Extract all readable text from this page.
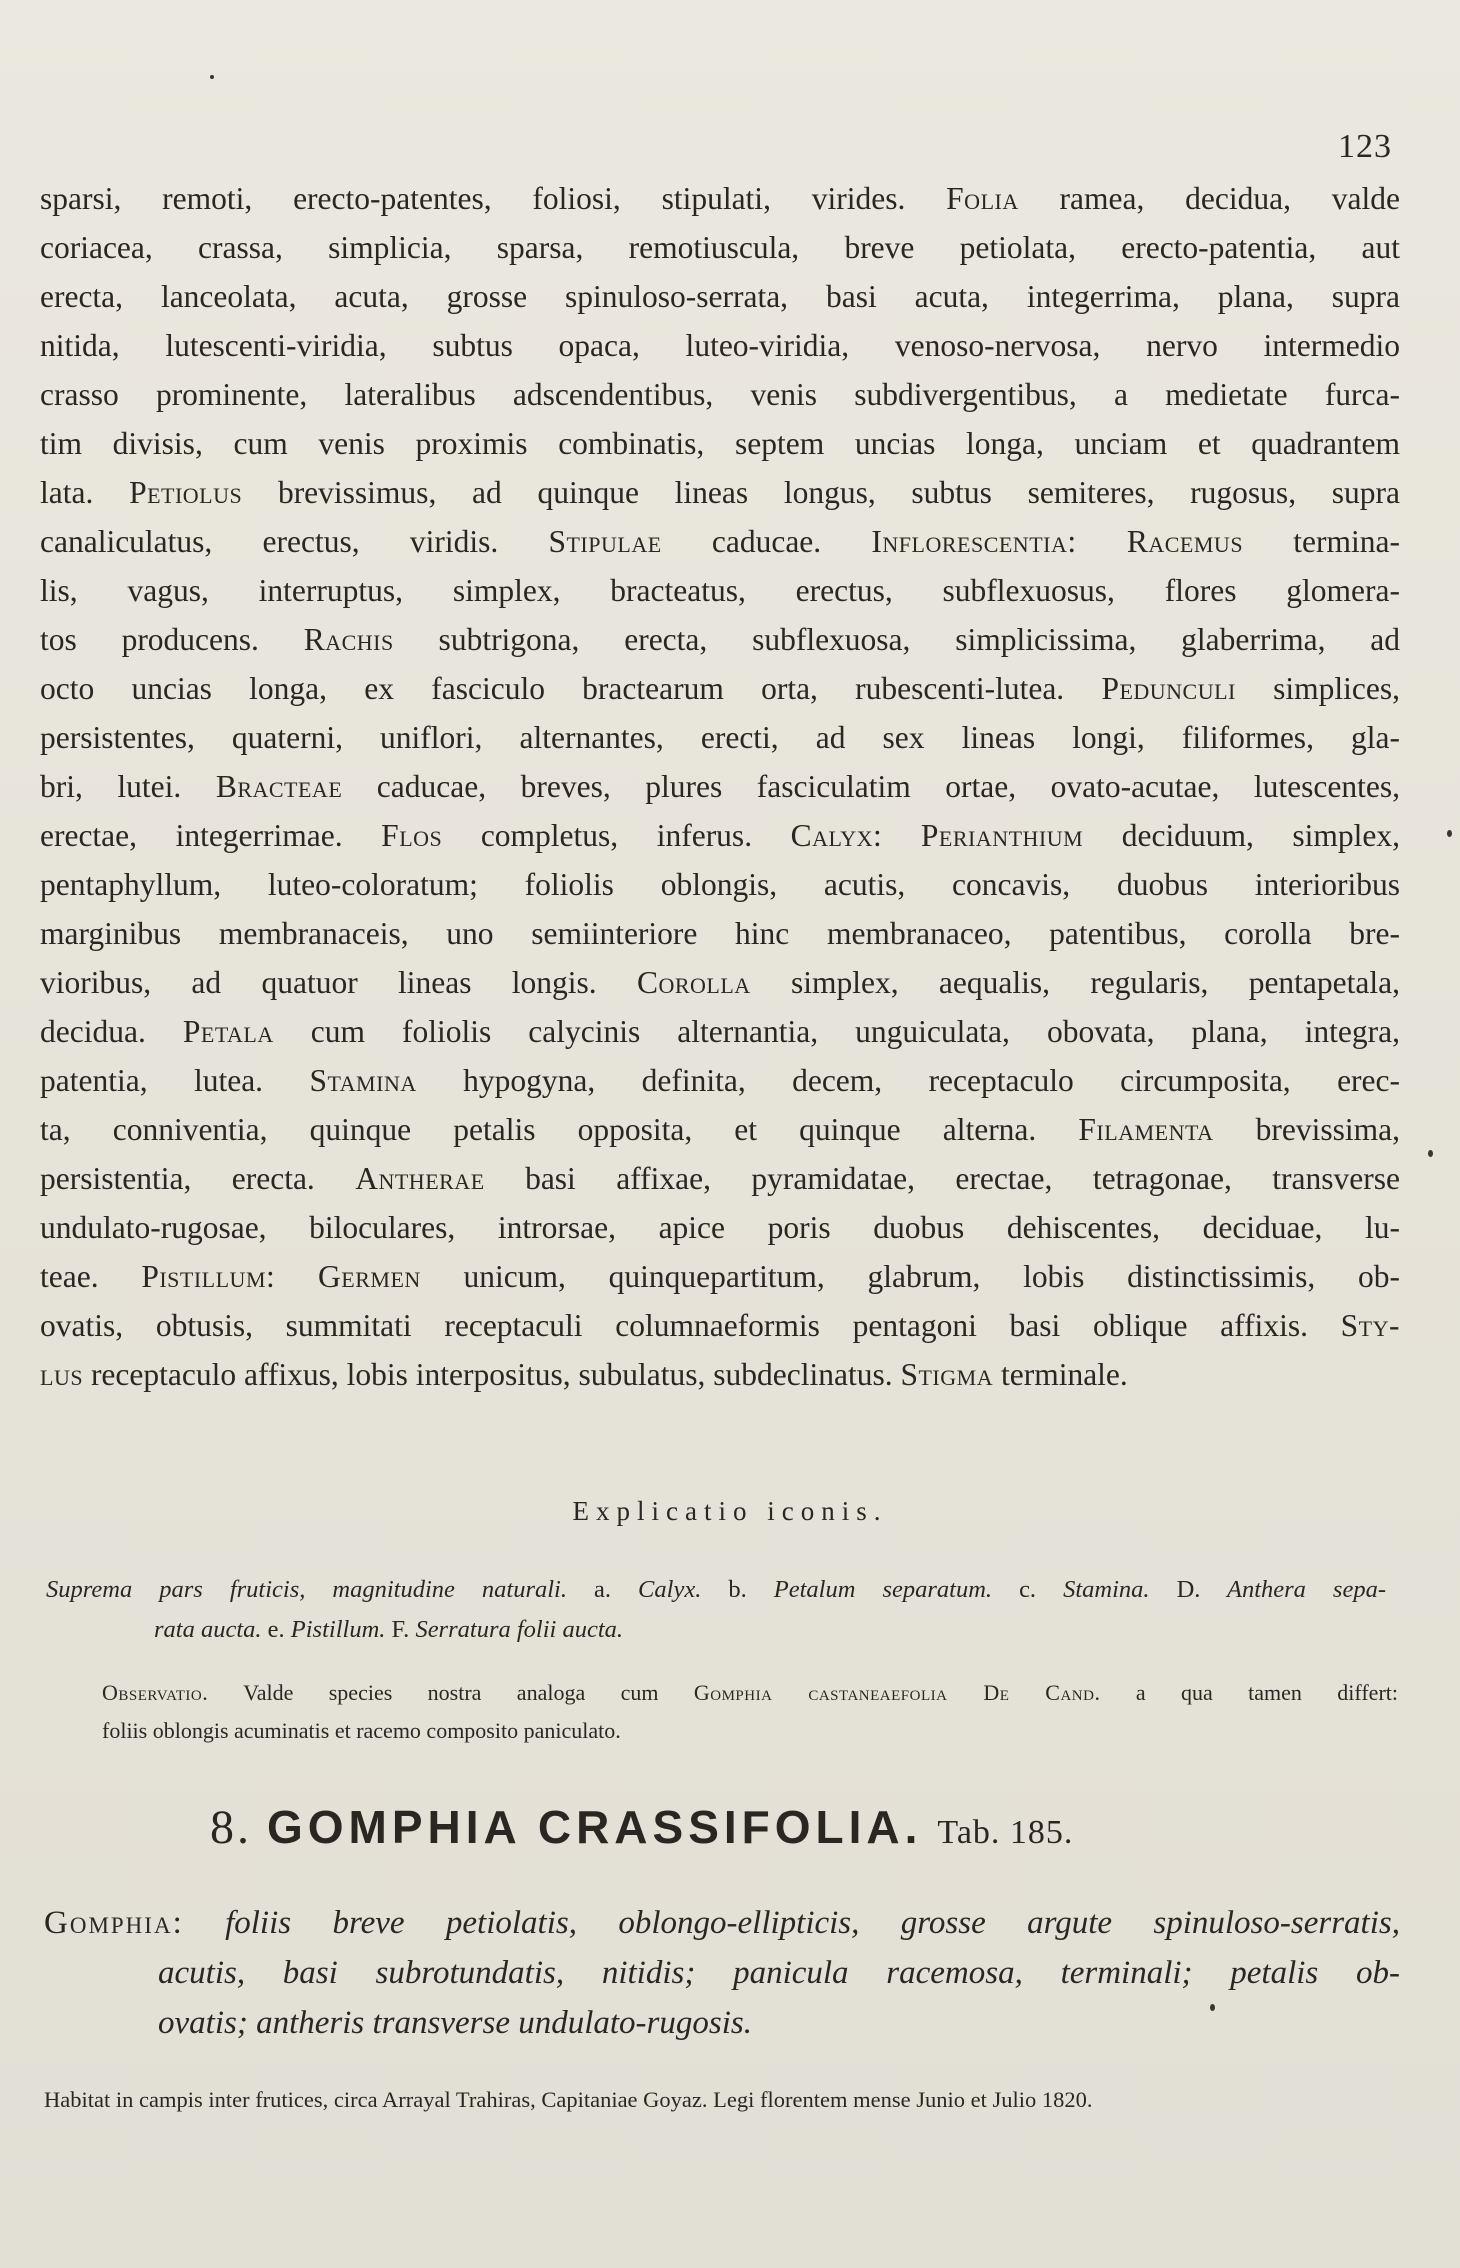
123
sparsi, remoti, erecto-patentes, foliosi, stipulati, virides. Folia ramea, decidua, valde
coriacea, crassa, simplicia, sparsa, remotiuscula, breve petiolata, erecto-patentia, aut
erecta, lanceolata, acuta, grosse spinuloso-serrata, basi acuta, integerrima, plana, supra
nitida, lutescenti-viridia, subtus opaca, luteo-viridia, venoso-nervosa, nervo intermedio
crasso prominente, lateralibus adscendentibus, venis subdivergentibus, a medietate furca-
tim divisis, cum venis proximis combinatis, septem uncias longa, unciam et quadrantem
lata. Petiolus brevissimus, ad quinque lineas longus, subtus semiteres, rugosus, supra
canaliculatus, erectus, viridis. Stipulae caducae. Inflorescentia: Racemus termina-
lis, vagus, interruptus, simplex, bracteatus, erectus, subflexuosus, flores glomera-
tos producens. Rachis subtrigona, erecta, subflexuosa, simplicissima, glaberrima, ad
octo uncias longa, ex fasciculo bractearum orta, rubescenti-lutea. Pedunculi simplices,
persistentes, quaterni, uniflori, alternantes, erecti, ad sex lineas longi, filiformes, gla-
bri, lutei. Bracteae caducae, breves, plures fasciculatim ortae, ovato-acutae, lutescentes,
erectae, integerrimae. Flos completus, inferus. Calyx: Perianthium deciduum, simplex,
pentaphyllum, luteo-coloratum; foliolis oblongis, acutis, concavis, duobus interioribus
marginibus membranaceis, uno semiinteriore hinc membranaceo, patentibus, corolla bre-
vioribus, ad quatuor lineas longis. Corolla simplex, aequalis, regularis, pentapetala,
decidua. Petala cum foliolis calycinis alternantia, unguiculata, obovata, plana, integra,
patentia, lutea. Stamina hypogyna, definita, decem, receptaculo circumposita, erec-
ta, conniventia, quinque petalis opposita, et quinque alterna. Filamenta brevissima,
persistentia, erecta. Antherae basi affixae, pyramidatae, erectae, tetragonae, transverse
undulato-rugosae, biloculares, introrsae, apice poris duobus dehiscentes, deciduae, lu-
teae. Pistillum: Germen unicum, quinquepartitum, glabrum, lobis distinctissimis, ob-
ovatis, obtusis, summitati receptaculi columnaeformis pentagoni basi oblique affixis. Sty-
lus receptaculo affixus, lobis interpositus, subulatus, subdeclinatus. Stigma terminale.
Explicatio iconis.
Suprema pars fruticis, magnitudine naturali. a. Calyx. b. Petalum separatum. c. Stamina. D. Anthera sepa-
rata aucta. e. Pistillum. F. Serratura folii aucta.
Observatio. Valde species nostra analoga cum Gomphia castaneaefolia De Cand. a qua tamen differt:
foliis oblongis acuminatis et racemo composito paniculato.
8. GOMPHIA CRASSIFOLIA. Tab. 185.
Gomphia: foliis breve petiolatis, oblongo-ellipticis, grosse argute spinuloso-serratis,
acutis, basi subrotundatis, nitidis; panicula racemosa, terminali; petalis ob-
ovatis; antheris transverse undulato-rugosis.
Habitat in campis inter frutices, circa Arrayal Trahiras, Capitaniae Goyaz. Legi florentem mense Junio et Julio 1820.
